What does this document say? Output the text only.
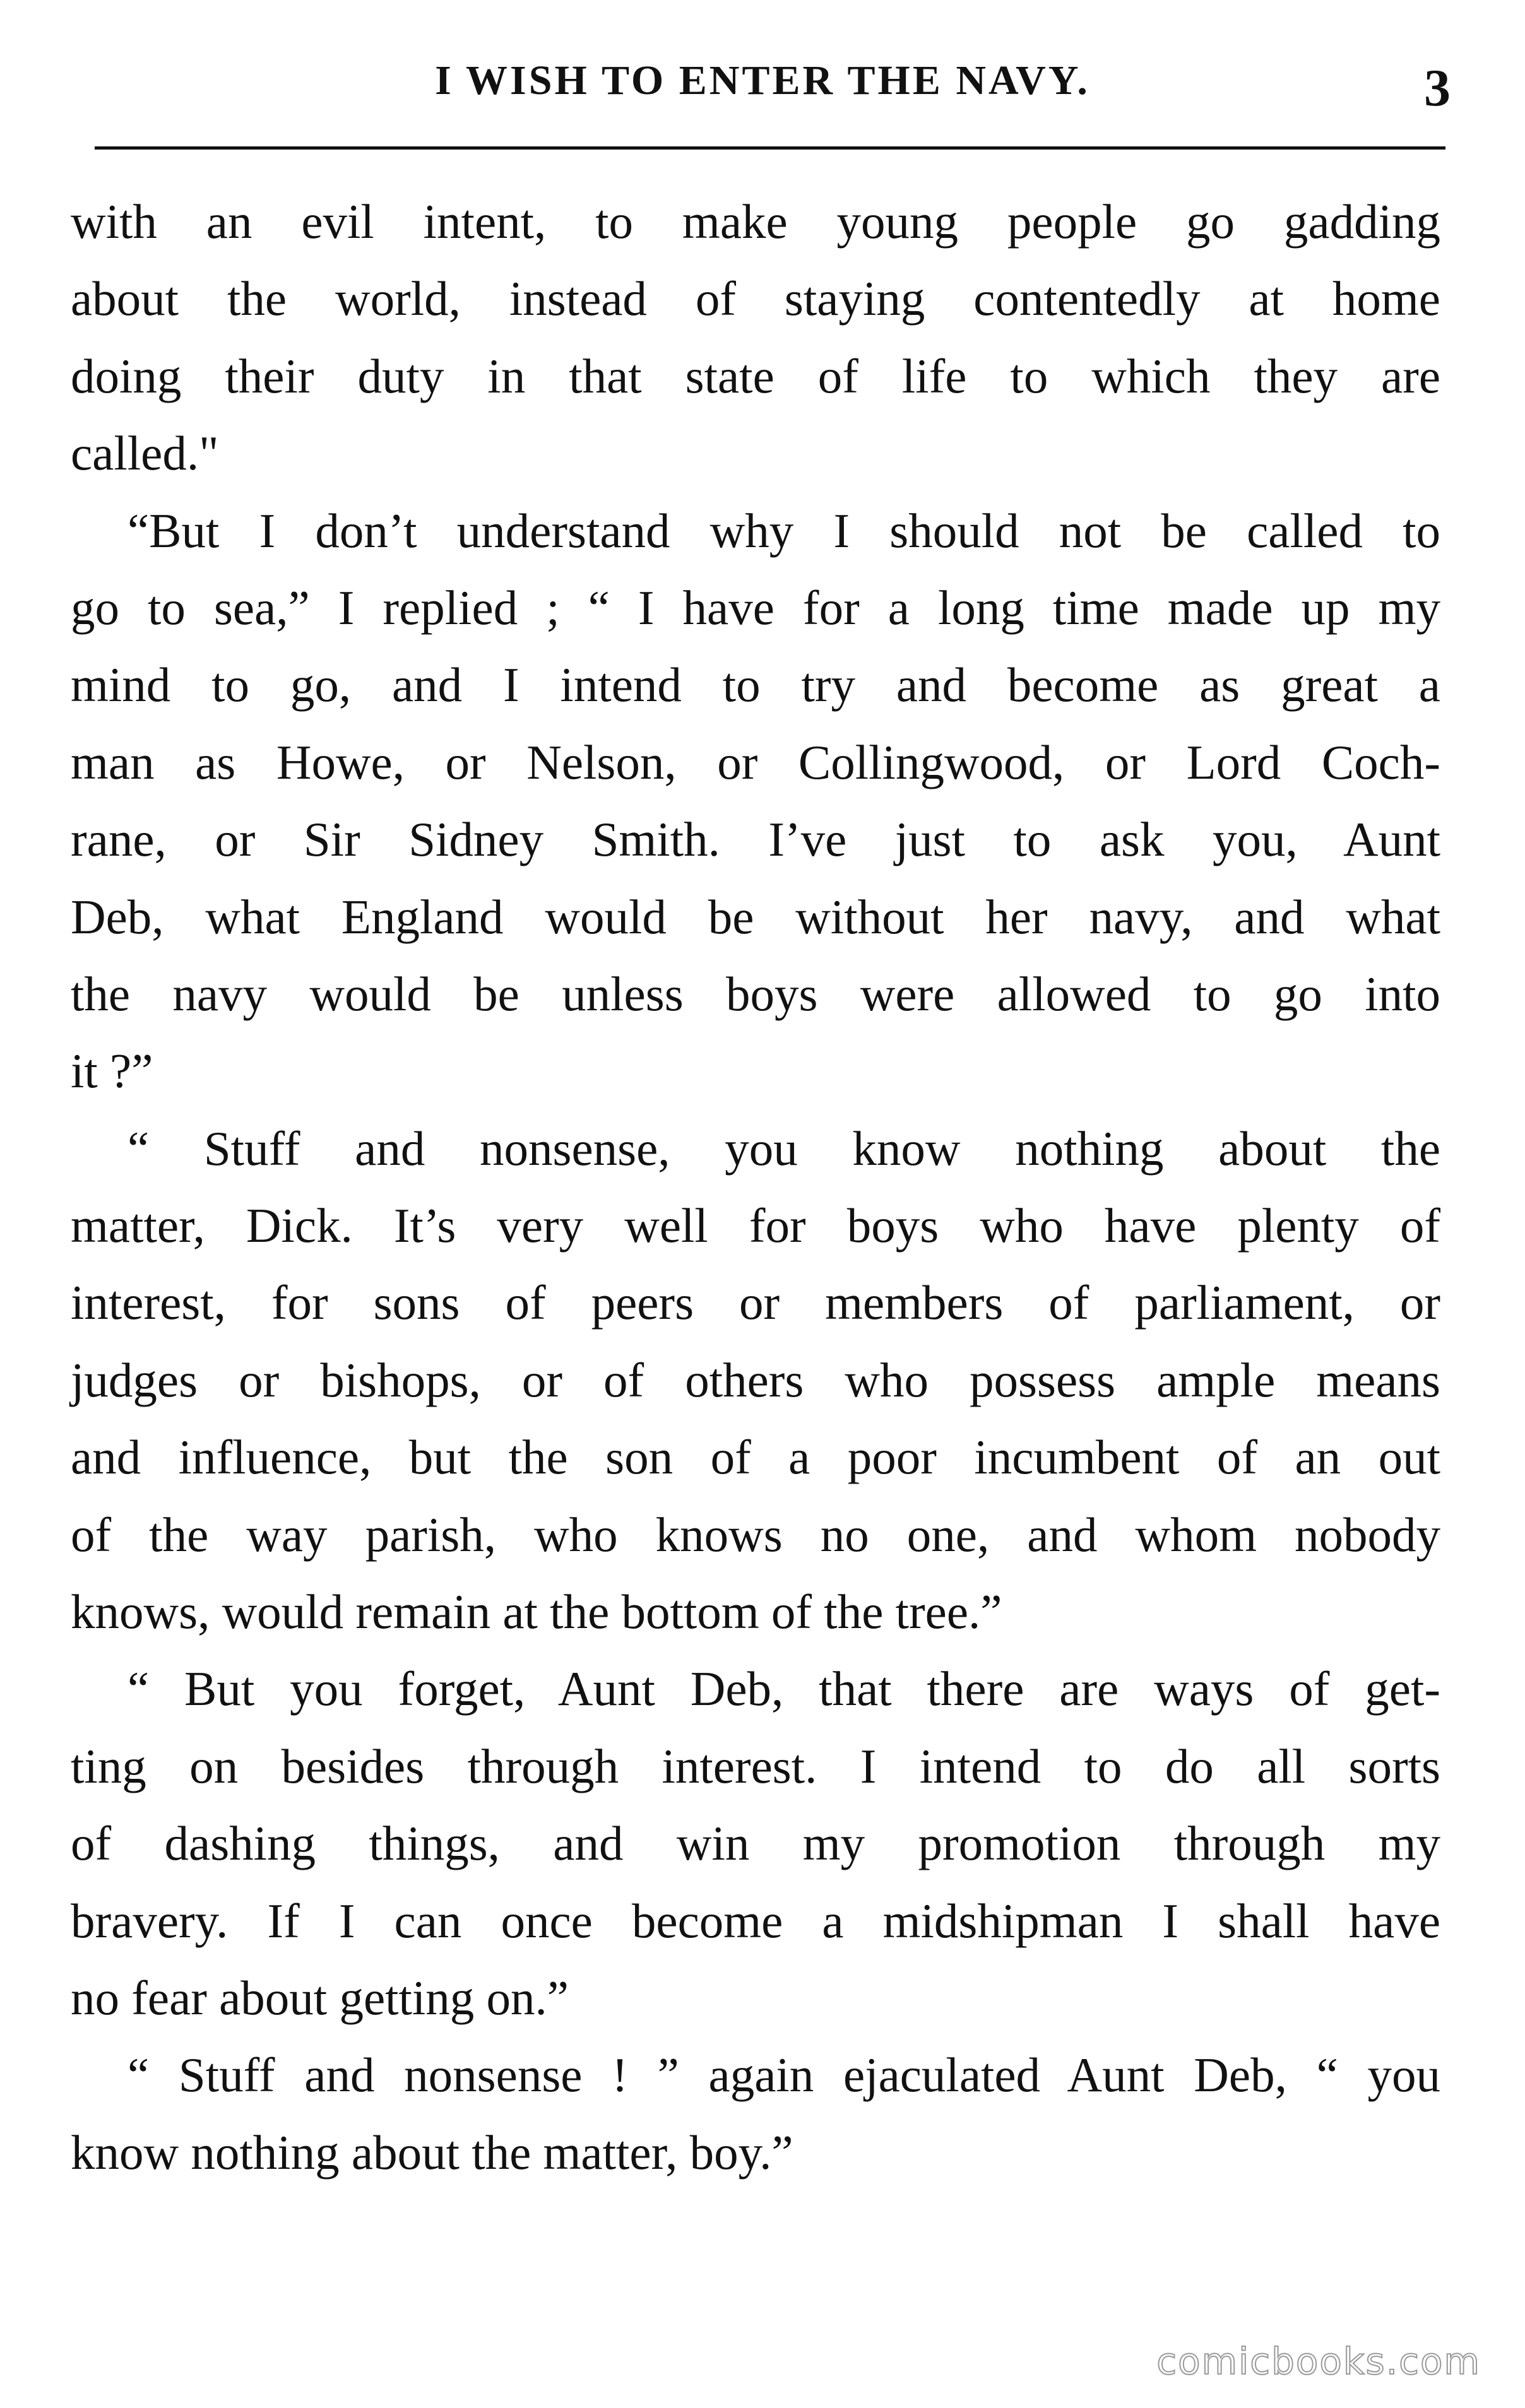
I WISH TO ENTER THE NAVY.	3
with an evil intent, to make young people go gadding
about the world, instead of staying contentedly at home
doing their duty in that state of life to which they are
called."
“But I don’t understand why I should not be called to
go to sea,” I replied ; “ I have for a long time made up my
mind to go, and I intend to try and become as great a
man as Howe, or Nelson, or Collingwood, or Lord Coch-
rane, or Sir Sidney Smith. I’ve just to ask you, Aunt
Deb, what England would be without her navy, and what
the navy would be unless boys were allowed to go into
it ?”
“ Stuff and nonsense, you know nothing about the
matter, Dick. It’s very well for boys who have plenty of
interest, for sons of peers or members of parliament, or
judges or bishops, or of others who possess ample means
and influence, but the son of a poor incumbent of an out
of the way parish, who knows no one, and whom nobody
knows, would remain at the bottom of the tree.”
“ But you forget, Aunt Deb, that there are ways of get-
ting on besides through interest. I intend to do all sorts
of dashing things, and win my promotion through my
bravery. If I can once become a midshipman I shall have
no fear about getting on.”
“ Stuff and nonsense ! ” again ejaculated Aunt Deb, “ you
know nothing about the matter, boy.”
comicbooks.com
